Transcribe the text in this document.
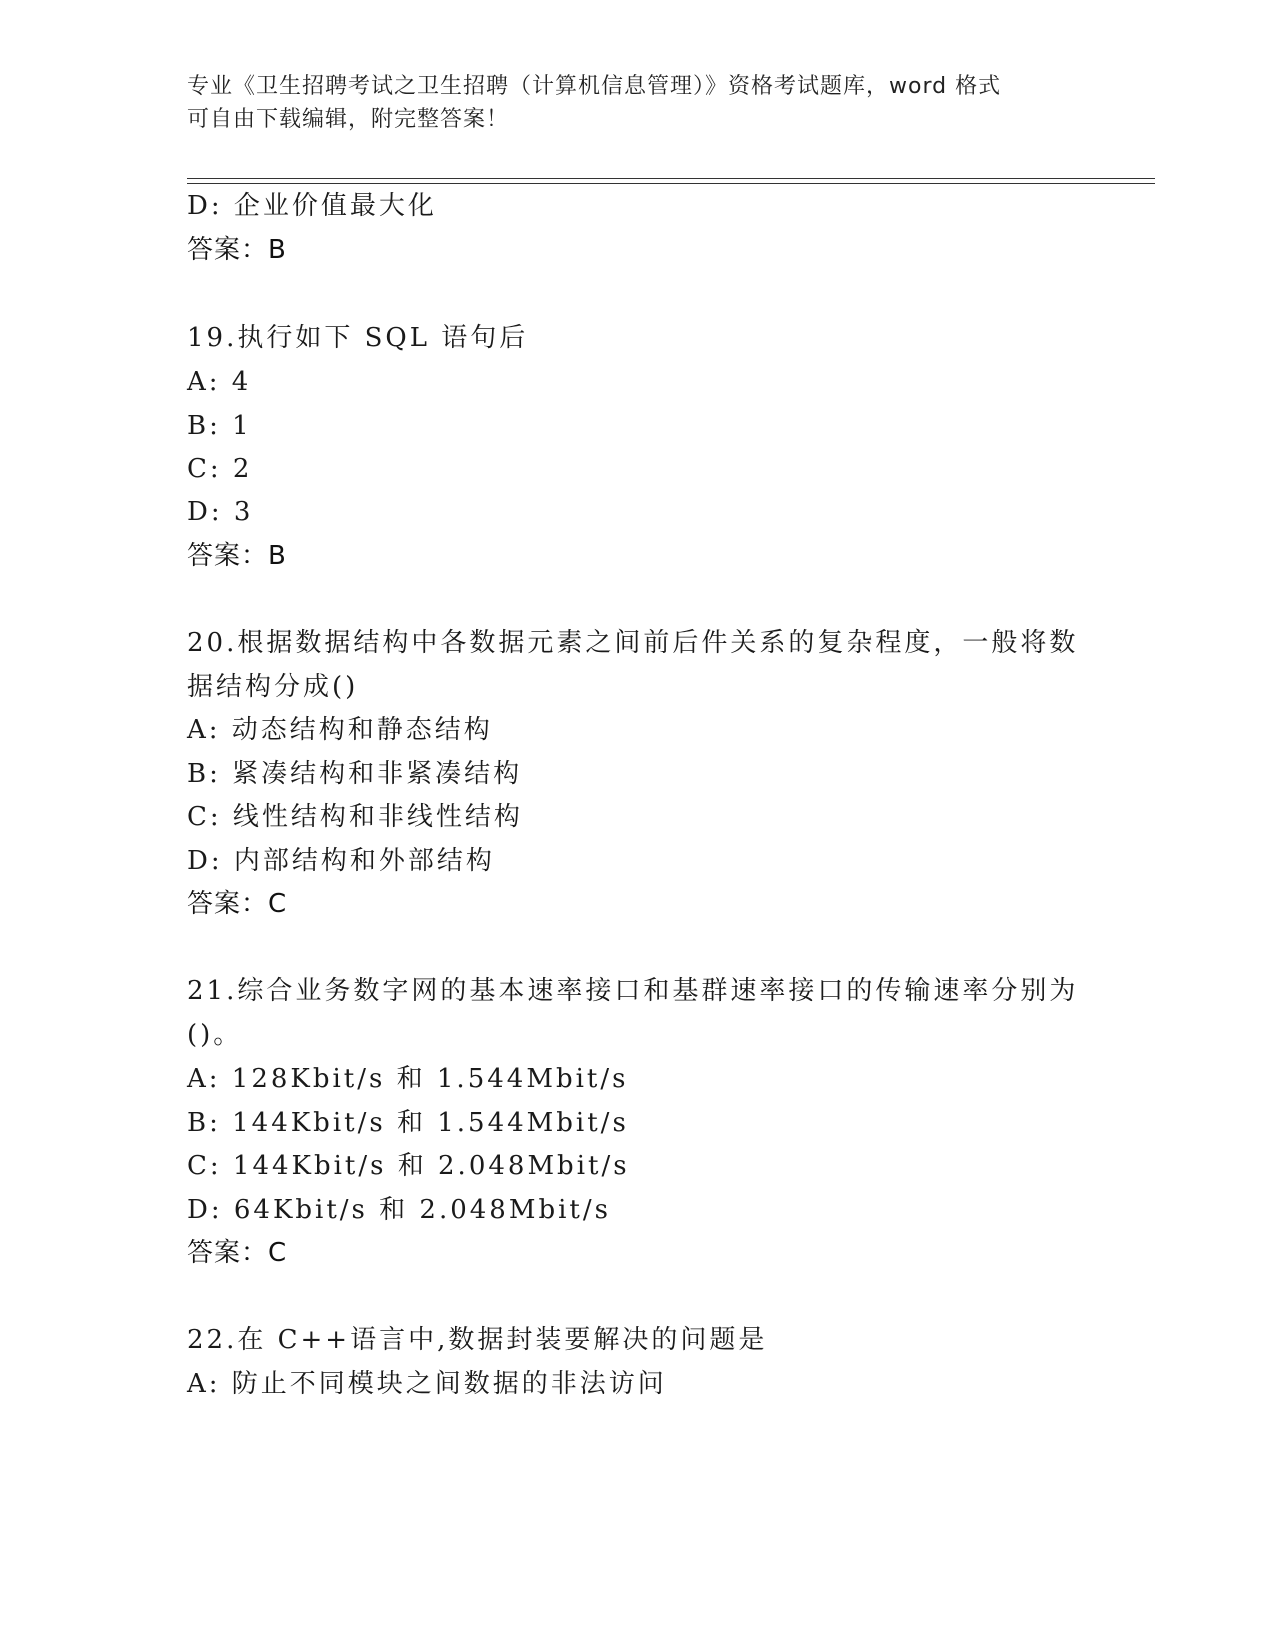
专业《卫生招聘考试之卫生招聘（计算机信息管理）》资格考试题库，word 格式
可自由下载编辑，附完整答案！
D: 企业价值最大化
答案：B
19.执行如下 SQL 语句后
A: 4
B: 1
C: 2
D: 3
答案：B
20.根据数据结构中各数据元素之间前后件关系的复杂程度，一般将数
据结构分成()
A: 动态结构和静态结构
B: 紧凑结构和非紧凑结构
C: 线性结构和非线性结构
D: 内部结构和外部结构
答案：C
21.综合业务数字网的基本速率接口和基群速率接口的传输速率分别为
()。
A: 128Kbit/s 和 1.544Mbit/s
B: 144Kbit/s 和 1.544Mbit/s
C: 144Kbit/s 和 2.048Mbit/s
D: 64Kbit/s 和 2.048Mbit/s
答案：C
22.在 C++语言中,数据封装要解决的问题是
A: 防止不同模块之间数据的非法访问
